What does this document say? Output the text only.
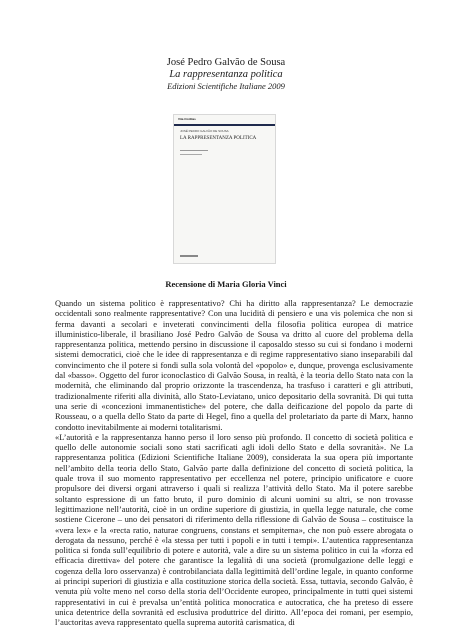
José Pedro Galvão de Sousa
La rappresentanza politica
Edizioni Scientifiche Italiane 2009
Vita Civilitas
JOSÉ PEDRO GALVÃO DE SOUSA
LA RAPPRESENTANZA POLITICA
Recensione di Maria Gloria Vinci

Quando un sistema politico è rappresentativo? Chi ha diritto alla rappresentanza? Le democrazie occidentali sono realmente rappresentative? Con una lucidità di pensiero e una vis polemica che non si ferma davanti a secolari e inveterati convincimenti della filosofia politica europea di matrice illuministico-liberale, il brasiliano José Pedro Galvão de Sousa va dritto al cuore del problema della rappresentanza politica, mettendo persino in discussione il caposaldo stesso su cui si fondano i moderni sistemi democratici, cioè che le idee di rappresentanza e di regime rappresentativo siano inseparabili dal convincimento che il potere si fondi sulla sola volontà del «popolo» e, dunque, provenga esclusivamente dal «basso». Oggetto del furor iconoclastico di Galvão Sousa, in realtà, è la teoria dello Stato nata con la modernità, che eliminando dal proprio orizzonte la trascendenza, ha trasfuso i caratteri e gli attributi, tradizionalmente riferiti alla divinità, allo Stato-Leviatano, unico depositario della sovranità. Di qui tutta una serie di «concezioni immanentistiche» del potere, che dalla deificazione del popolo da parte di Rousseau, o a quella dello Stato da parte di Hegel, fino a quella del proletariato da parte di Marx, hanno condotto inevitabilmente ai moderni totalitarismi.

«L’autorità e la rappresentanza hanno perso il loro senso più profondo. Il concetto di società politica e quello delle autonomie sociali sono stati sacrificati agli idoli dello Stato e della sovranità». Ne La rappresentanza politica (Edizioni Scientifiche Italiane 2009), considerata la sua opera più importante nell’ambito della teoria dello Stato, Galvão parte dalla definizione del concetto di società politica, la quale trova il suo momento rappresentativo per eccellenza nel potere, principio unificatore e cuore propulsore dei diversi organi attraverso i quali si realizza l’attività dello Stato. Ma il potere sarebbe soltanto espressione di un fatto bruto, il puro dominio di alcuni uomini su altri, se non trovasse legittimazione nell’autorità, cioè in un ordine superiore di giustizia, in quella legge naturale, che come sostiene Cicerone – uno dei pensatori di riferimento della riflessione di Galvão de Sousa – costituisce la «vera lex» e la «recta ratio, naturae congruens, constans et sempiterna», che non può essere abrogata o derogata da nessuno, perché è «la stessa per tutti i popoli e in tutti i tempi». L’autentica rappresentanza politica si fonda sull’equilibrio di potere e autorità, vale a dire su un sistema politico in cui la «forza ed efficacia direttiva» del potere che garantisce la legalità di una società (promulgazione delle leggi e cogenza della loro osservanza) è controbilanciata dalla legittimità dell’ordine legale, in quanto conforme ai principi superiori di giustizia e alla costituzione storica della società. Essa, tuttavia, secondo Galvão, è venuta più volte meno nel corso della storia dell’Occidente europeo, principalmente in tutti quei sistemi rappresentativi in cui è prevalsa un’entità politica monocratica e autocratica, che ha preteso di essere unica detentrice della sovranità ed esclusiva produttrice del diritto. All’epoca dei romani, per esempio, l’auctoritas aveva rappresentato quella suprema autorità carismatica, di
